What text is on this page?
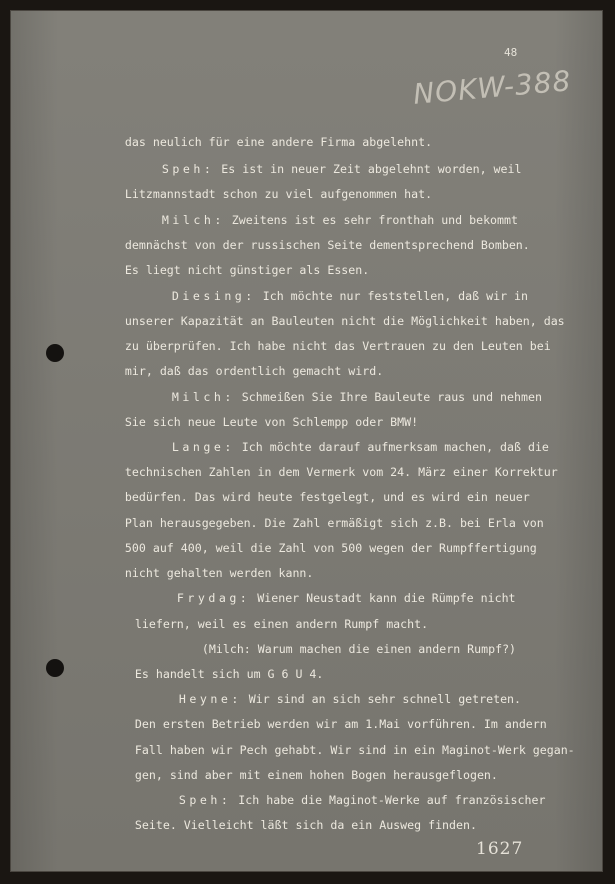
48
NOKW-388

das neulich für eine andere Firma abgelehnt.

Speh: Es ist in neuer Zeit abgelehnt worden, weil

Litzmannstadt schon zu viel aufgenommen hat.

Milch: Zweitens ist es sehr fronthah und bekommt

demnächst von der russischen Seite dementsprechend Bomben.

Es liegt nicht günstiger als Essen.

Diesing: Ich möchte nur feststellen, daß wir in

unserer Kapazität an Bauleuten nicht die Möglichkeit haben, das

zu überprüfen. Ich habe nicht das Vertrauen zu den Leuten bei

mir, daß das ordentlich gemacht wird.

Milch: Schmeißen Sie Ihre Bauleute raus und nehmen

Sie sich neue Leute von Schlempp oder BMW!

Lange: Ich möchte darauf aufmerksam machen, daß die

technischen Zahlen in dem Vermerk vom 24. März einer Korrektur

bedürfen. Das wird heute festgelegt, und es wird ein neuer

Plan herausgegeben. Die Zahl ermäßigt sich z.B. bei Erla von

500 auf 400, weil die Zahl von 500 wegen der Rumpffertigung

nicht gehalten werden kann.

Frydag: Wiener Neustadt kann die Rümpfe nicht

liefern, weil es einen andern Rumpf macht.

(Milch: Warum machen die einen andern Rumpf?)

Es handelt sich um G 6 U 4.

Heyne: Wir sind an sich sehr schnell getreten.

Den ersten Betrieb werden wir am 1.Mai vorführen. Im andern

Fall haben wir Pech gehabt. Wir sind in ein Maginot-Werk gegan-

gen, sind aber mit einem hohen Bogen herausgeflogen.

Speh: Ich habe die Maginot-Werke auf französischer

Seite. Vielleicht läßt sich da ein Ausweg finden.

1627
